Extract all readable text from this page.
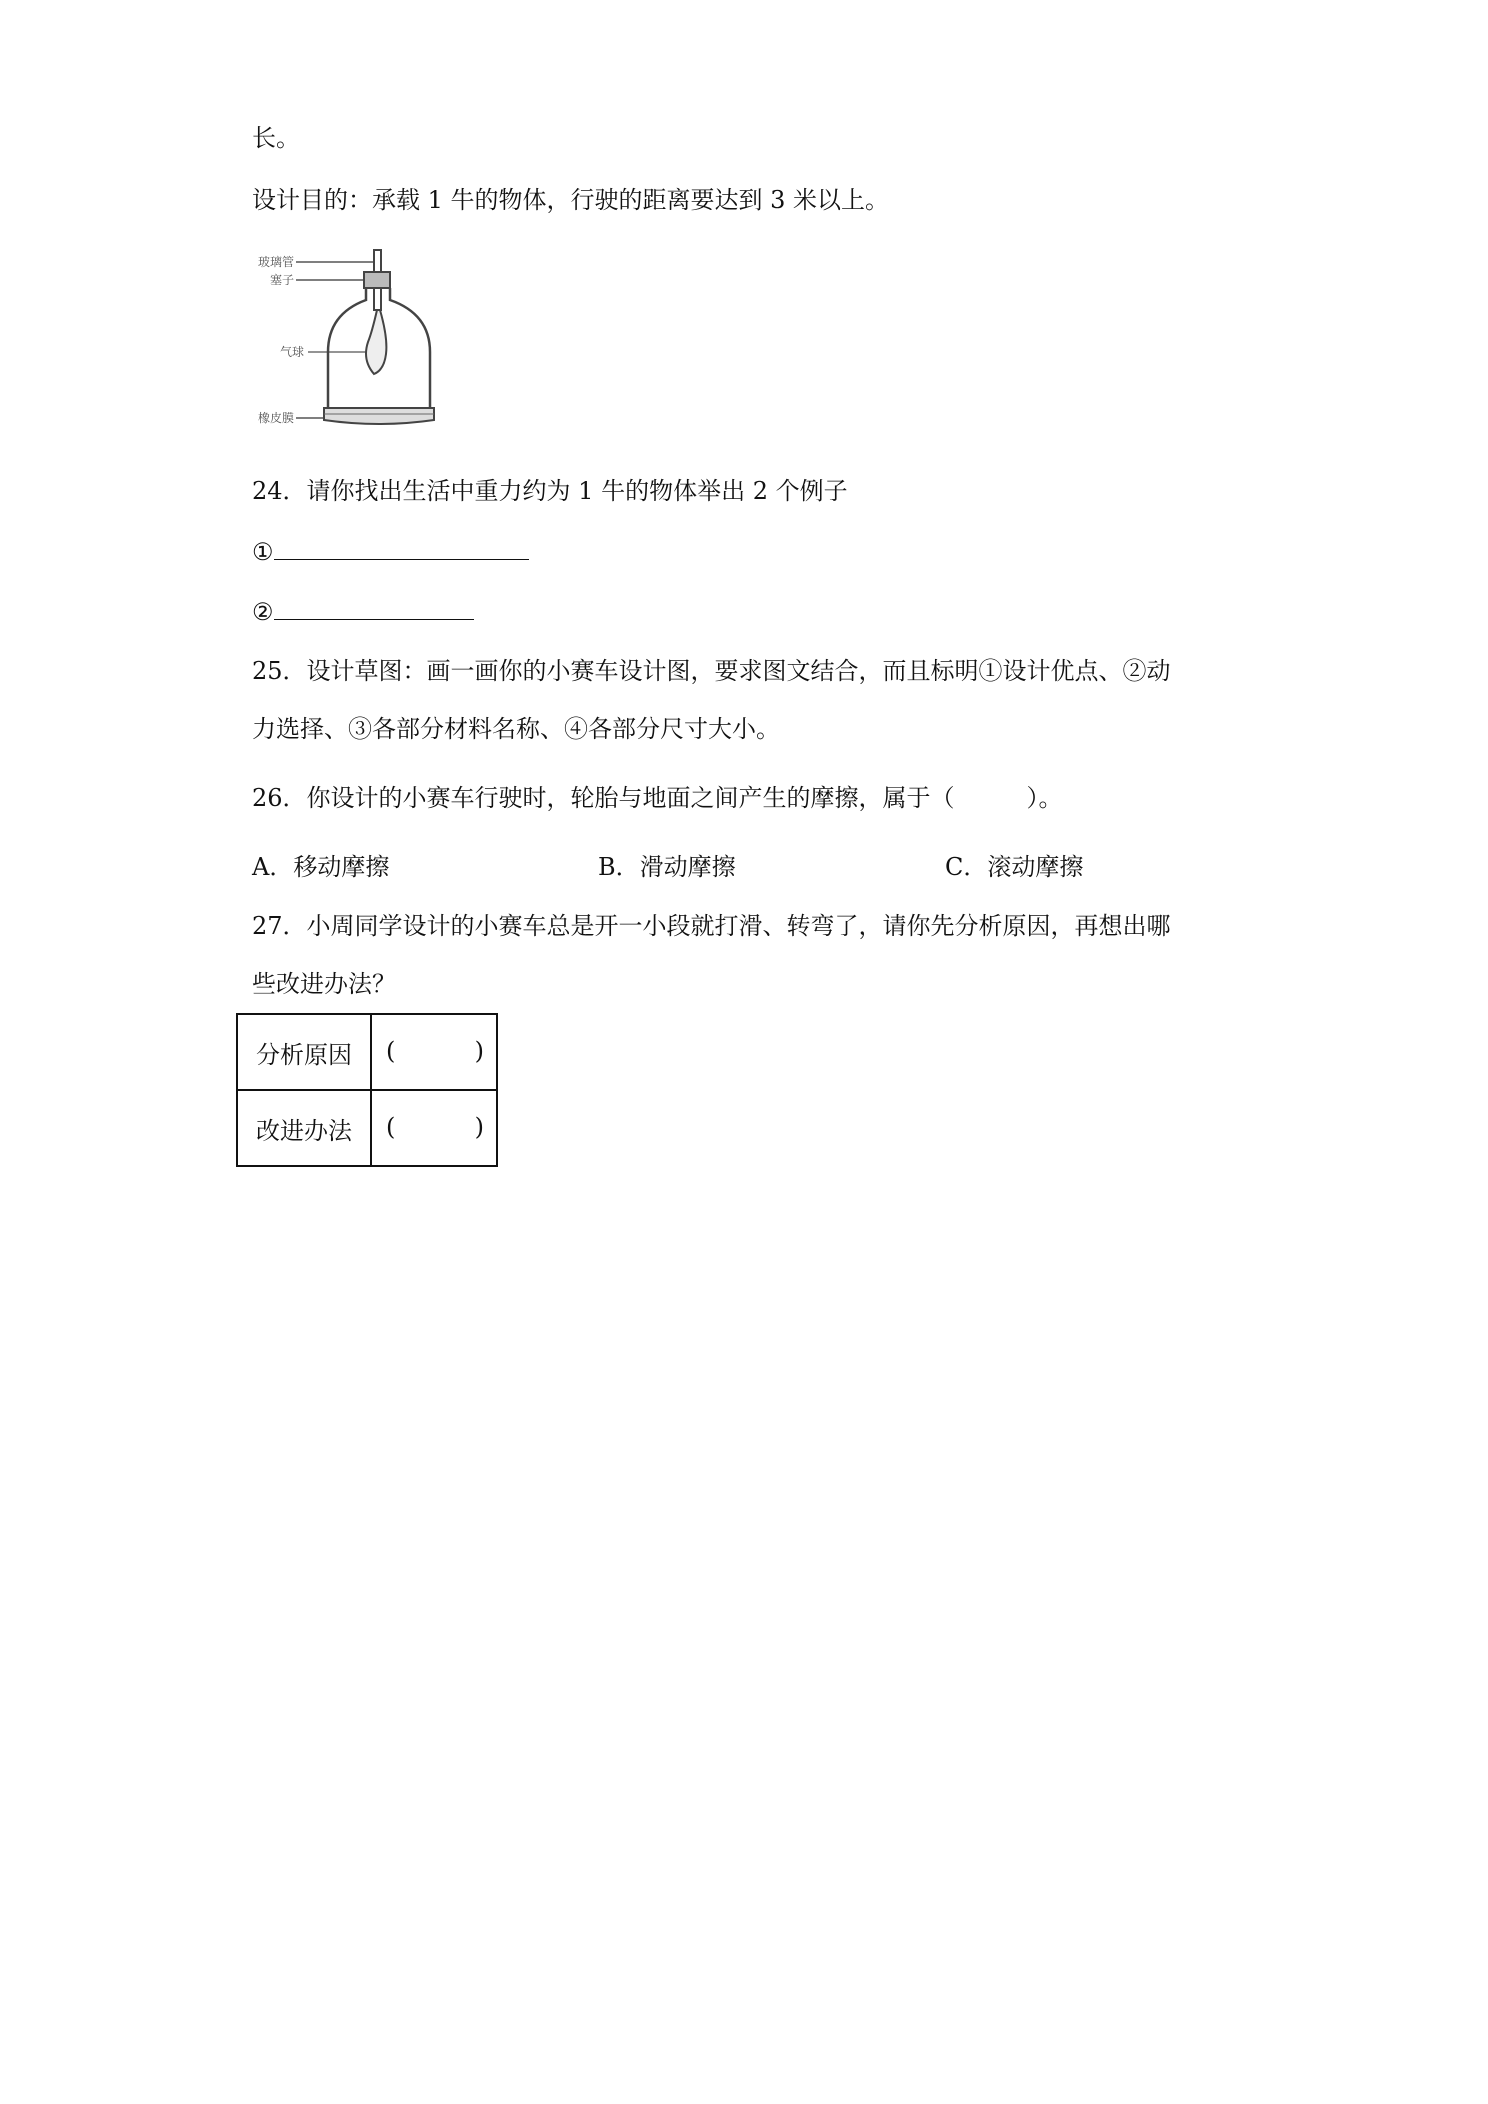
长。
设计目的：承载 1 牛的物体，行驶的距离要达到 3 米以上。
玻璃管
塞子
气球
橡皮膜
24．请你找出生活中重力约为 1 牛的物体举出 2 个例子
①
②
25．设计草图：画一画你的小赛车设计图，要求图文结合，而且标明①设计优点、②动
力选择、③各部分材料名称、④各部分尺寸大小。
26．你设计的小赛车行驶时，轮胎与地面之间产生的摩擦，属于（　　　）。
A．移动摩擦	B．滑动摩擦	C．滚动摩擦
27．小周同学设计的小赛车总是开一小段就打滑、转弯了，请你先分析原因，再想出哪
些改进办法？
分析原因	( )

改进办法	( )
